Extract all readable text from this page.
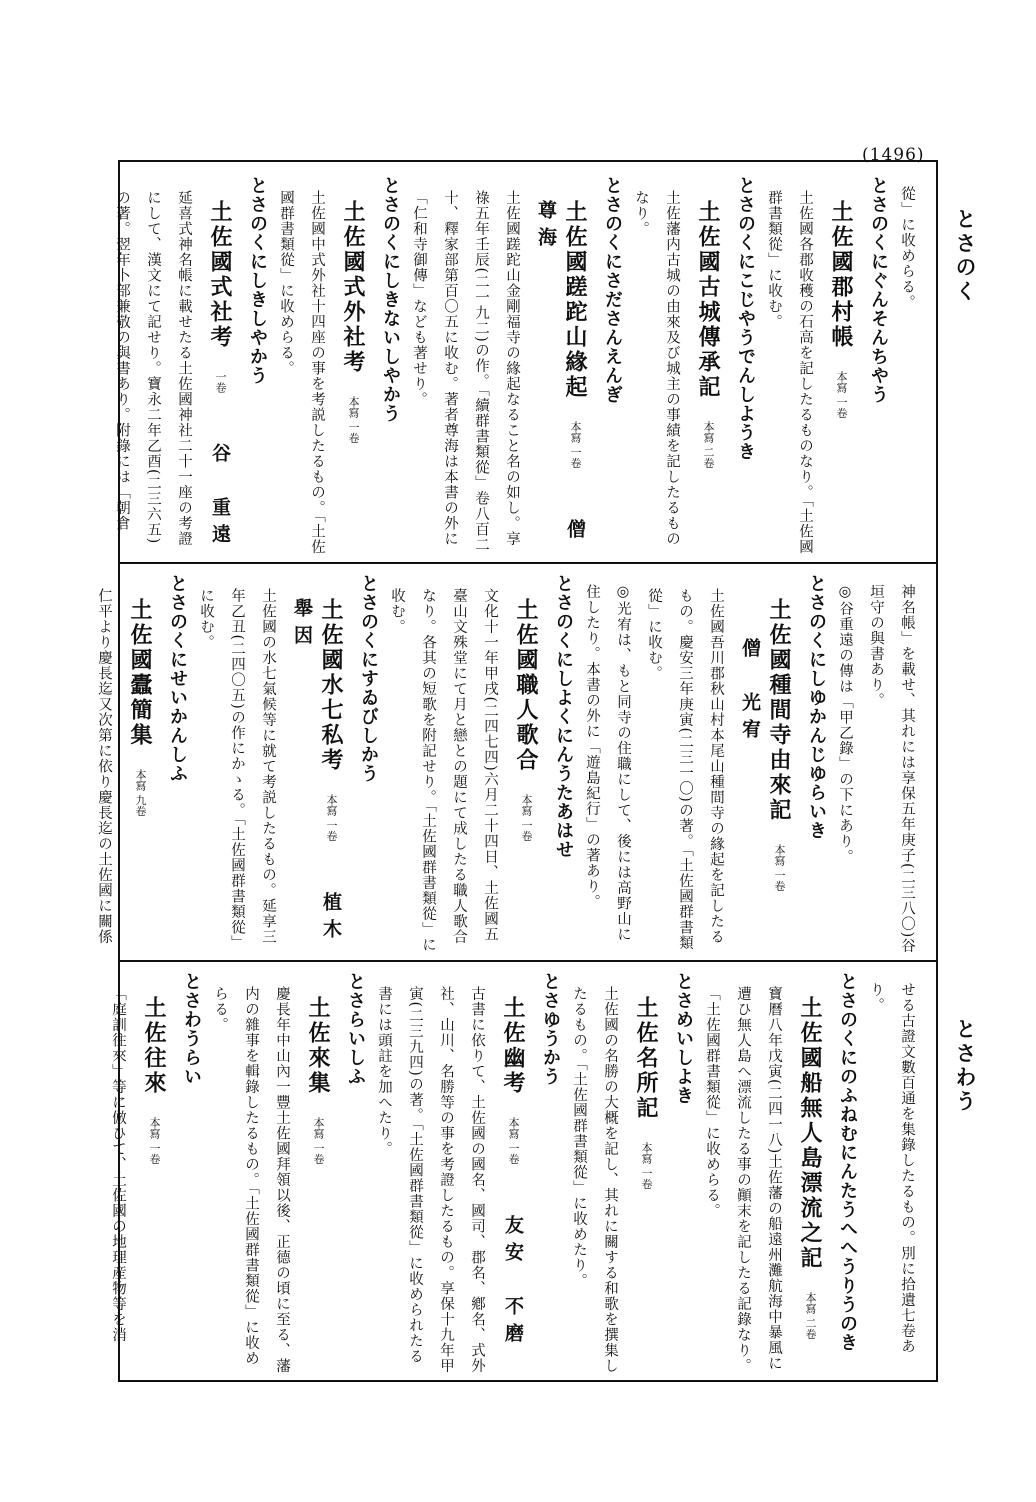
(1496)
とさのく
とさわう
從」に收めらる。
とさのくにぐんそんちやう
土佐國郡村帳 本寫 一卷
土佐國各郡收穫の石高を記したるものなり。「土佐國群書類從」に收む。
とさのくにこじやうでんしようき
土佐國古城傳承記 本寫 二卷
土佐藩内古城の由來及び城主の事績を記したるものなり。
とさのくにさださんえんぎ
土佐國蹉跎山緣起 本寫 一卷 僧　　尊海
土佐國蹉跎山金剛福寺の緣起なること名の如し。享祿五年壬辰(二一九二)の作。「續群書類從」卷八百二十、釋家部第百〇五に收む。著者尊海は本書の外に「仁和寺御傳」なども著せり。
とさのくにしきないしやかう
土佐國式外社考 本寫 一卷
土佐國中式外社十四座の事を考説したるもの。「土佐國群書類從」に收めらる。
とさのくにしきしやかう
土佐國式社考 一卷 谷　重遠
延喜式神名帳に載せたる土佐國神社二十一座の考證にして、漢文にて記せり。寶永二年乙酉(二三六五)の著。翌年卜部兼敬の與書あり。附錄には「朝倉
神名帳」を載せ、其れには享保五年庚子(二三八〇)谷垣守の與書あり。
◎谷重遠の傳は「甲乙錄」の下にあり。
とさのくにしゆかんじゆらいき
土佐國種間寺由來記 本寫 一卷 僧　光宥
土佐國吾川郡秋山村本尾山種間寺の緣起を記したるもの。慶安三年庚寅(二三一〇)の著。「土佐國群書類從」に收む。
◎光宥は、もと同寺の住職にして、後には高野山に住したり。本書の外に「遊島紀行」の著あり。
とさのくにしよくにんうたあはせ
土佐國職人歌合 本寫 一卷
文化十一年甲戌(二四七四)六月二十四日、土佐國五臺山文殊堂にて月と戀との題にて成したる職人歌合なり。各其の短歌を附記せり。「土佐國群書類從」に收む。
とさのくにすゐびしかう
土佐國水七私考 本寫 一卷 植木　舉因
土佐國の水七氣候等に就て考説したるもの。延享三年乙丑(二四〇五)の作にかゝる。「土佐國群書類從」に收む。
とさのくにせいかんしふ
土佐國蠹簡集 本寫 九卷
仁平より慶長迄又次第に依り慶長迄の土佐國に關係
せる古證文數百通を集錄したるもの。別に拾遺七卷あり。
とさのくにのふねむにんたうへへうりうのき
土佐國船無人島漂流之記 本寫 二卷
寶曆八年戊寅(二四一八)土佐藩の船遠州灘航海中暴風に遭ひ無人島へ漂流したる事の顚末を記したる記錄なり。「土佐國群書類從」に收めらる。
とさめいしよき
土佐名所記 本寫 一卷
土佐國の名勝の大概を記し、其れに關する和歌を撰集したるもの。「土佐國群書類從」に收めたり。
とさゆうかう
土佐幽考 本寫 一卷 友安　不磨
古書に依りて、土佐國の國名、國司、郡名、鄕名、式外社、山川、名勝等の事を考證したるもの。享保十九年甲寅(二三九四)の著。「土佐國群書類從」に收められたる書には頭註を加へたり。
とさらいしふ
土佐來集 本寫 一卷
慶長年中山內一豐土佐國拜領以後、正德の頃に至る、藩内の雜事を輯錄したるもの。「土佐國群書類從」に收めらる。
とさわうらい
土佐往來 本寫 一卷
「庭訓往來」等に倣ひて、土佐國の地理産物等を消
